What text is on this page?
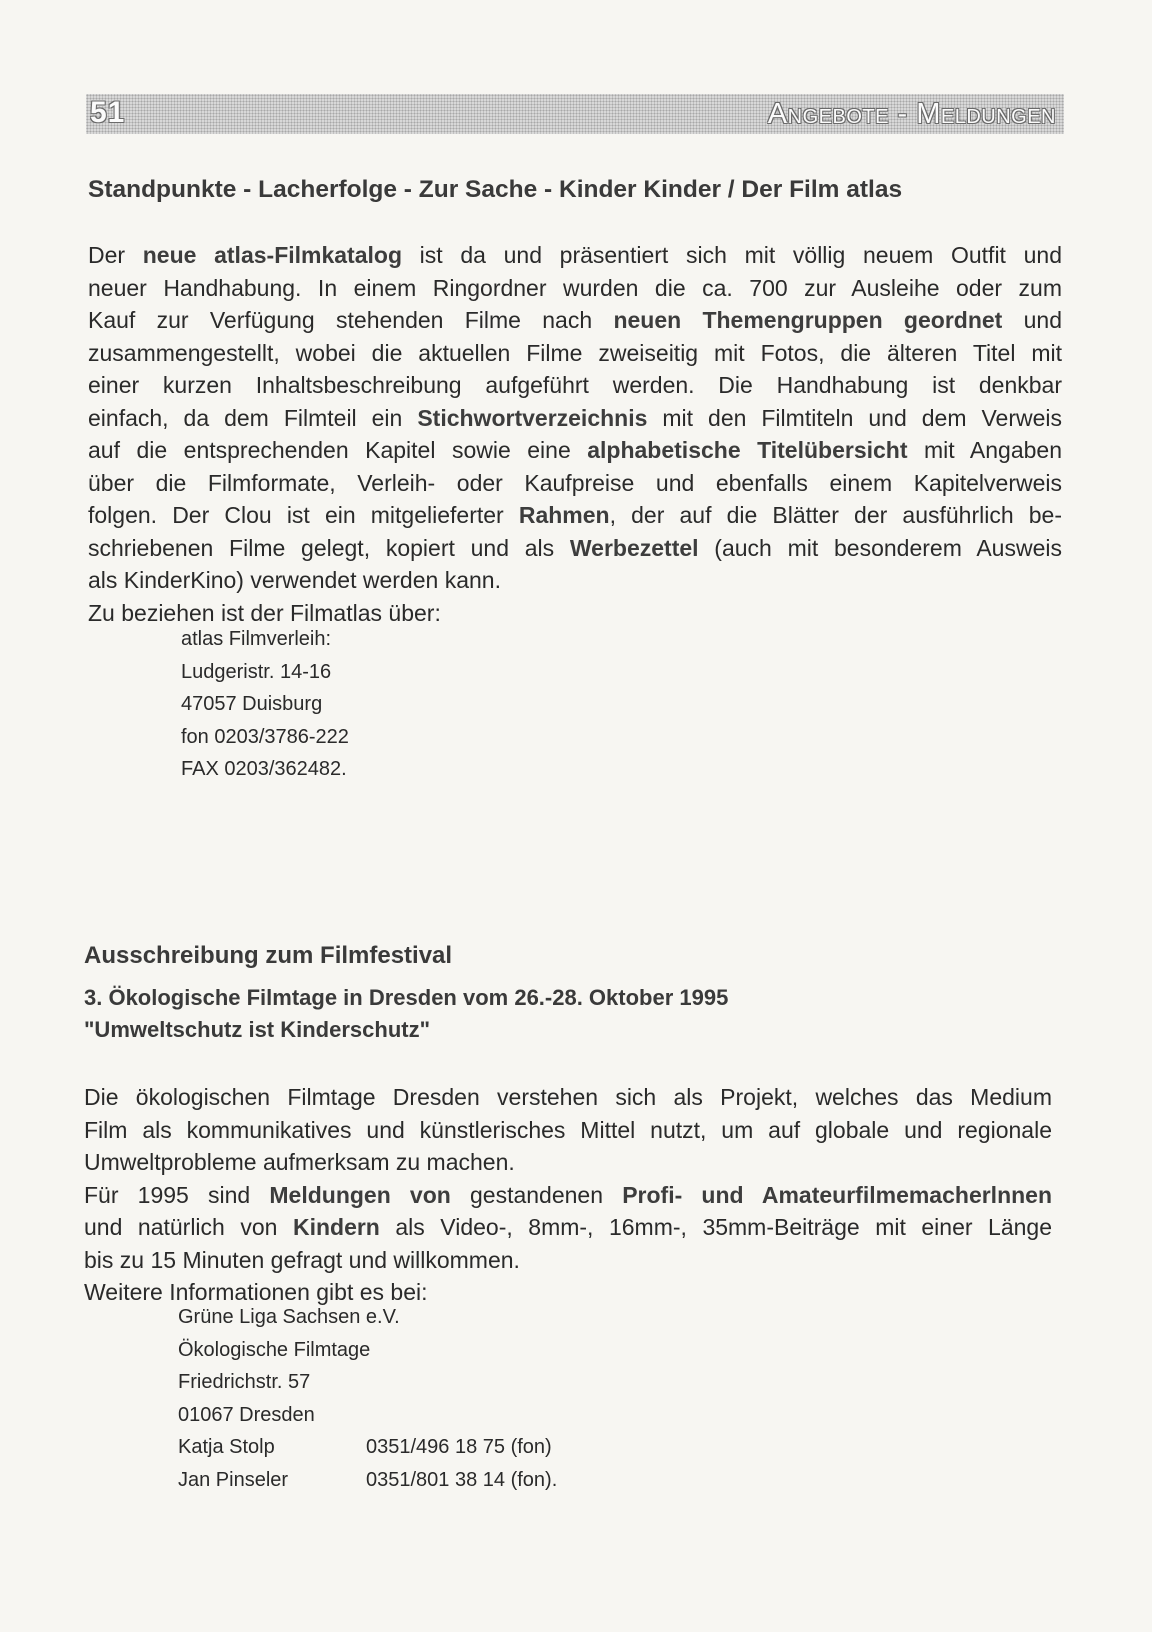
51	Angebote - Meldungen
Standpunkte - Lacherfolge - Zur Sache - Kinder Kinder / Der Film atlas
Der neue atlas-Filmkatalog ist da und präsentiert sich mit völlig neuem Outfit und
neuer Handhabung. In einem Ringordner wurden die ca. 700 zur Ausleihe oder zum
Kauf zur Verfügung stehenden Filme nach neuen Themengruppen geordnet und
zusammengestellt, wobei die aktuellen Filme zweiseitig mit Fotos, die älteren Titel mit
einer kurzen Inhaltsbeschreibung aufgeführt werden. Die Handhabung ist denkbar
einfach, da dem Filmteil ein Stichwortverzeichnis mit den Filmtiteln und dem Verweis
auf die entsprechenden Kapitel sowie eine alphabetische Titelübersicht mit Angaben
über die Filmformate, Verleih- oder Kaufpreise und ebenfalls einem Kapitelverweis
folgen. Der Clou ist ein mitgelieferter Rahmen, der auf die Blätter der ausführlich be-
schriebenen Filme gelegt, kopiert und als Werbezettel (auch mit besonderem Ausweis
als KinderKino) verwendet werden kann.
Zu beziehen ist der Filmatlas über:
atlas Filmverleih:
Ludgeristr. 14-16
47057 Duisburg
fon 0203/3786-222
FAX 0203/362482.
Ausschreibung zum Filmfestival
3. Ökologische Filmtage in Dresden vom 26.-28. Oktober 1995
"Umweltschutz ist Kinderschutz"
Die ökologischen Filmtage Dresden verstehen sich als Projekt, welches das Medium
Film als kommunikatives und künstlerisches Mittel nutzt, um auf globale und regionale
Umweltprobleme aufmerksam zu machen.
Für 1995 sind Meldungen von gestandenen Profi- und Amateurfilmemacherlnnen
und natürlich von Kindern als Video-, 8mm-, 16mm-, 35mm-Beiträge mit einer Länge
bis zu 15 Minuten gefragt und willkommen.
Weitere Informationen gibt es bei:
Grüne Liga Sachsen e.V.
Ökologische Filmtage
Friedrichstr. 57
01067 Dresden
Katja Stolp	0351/496 18 75 (fon)
Jan Pinseler	0351/801 38 14 (fon).
